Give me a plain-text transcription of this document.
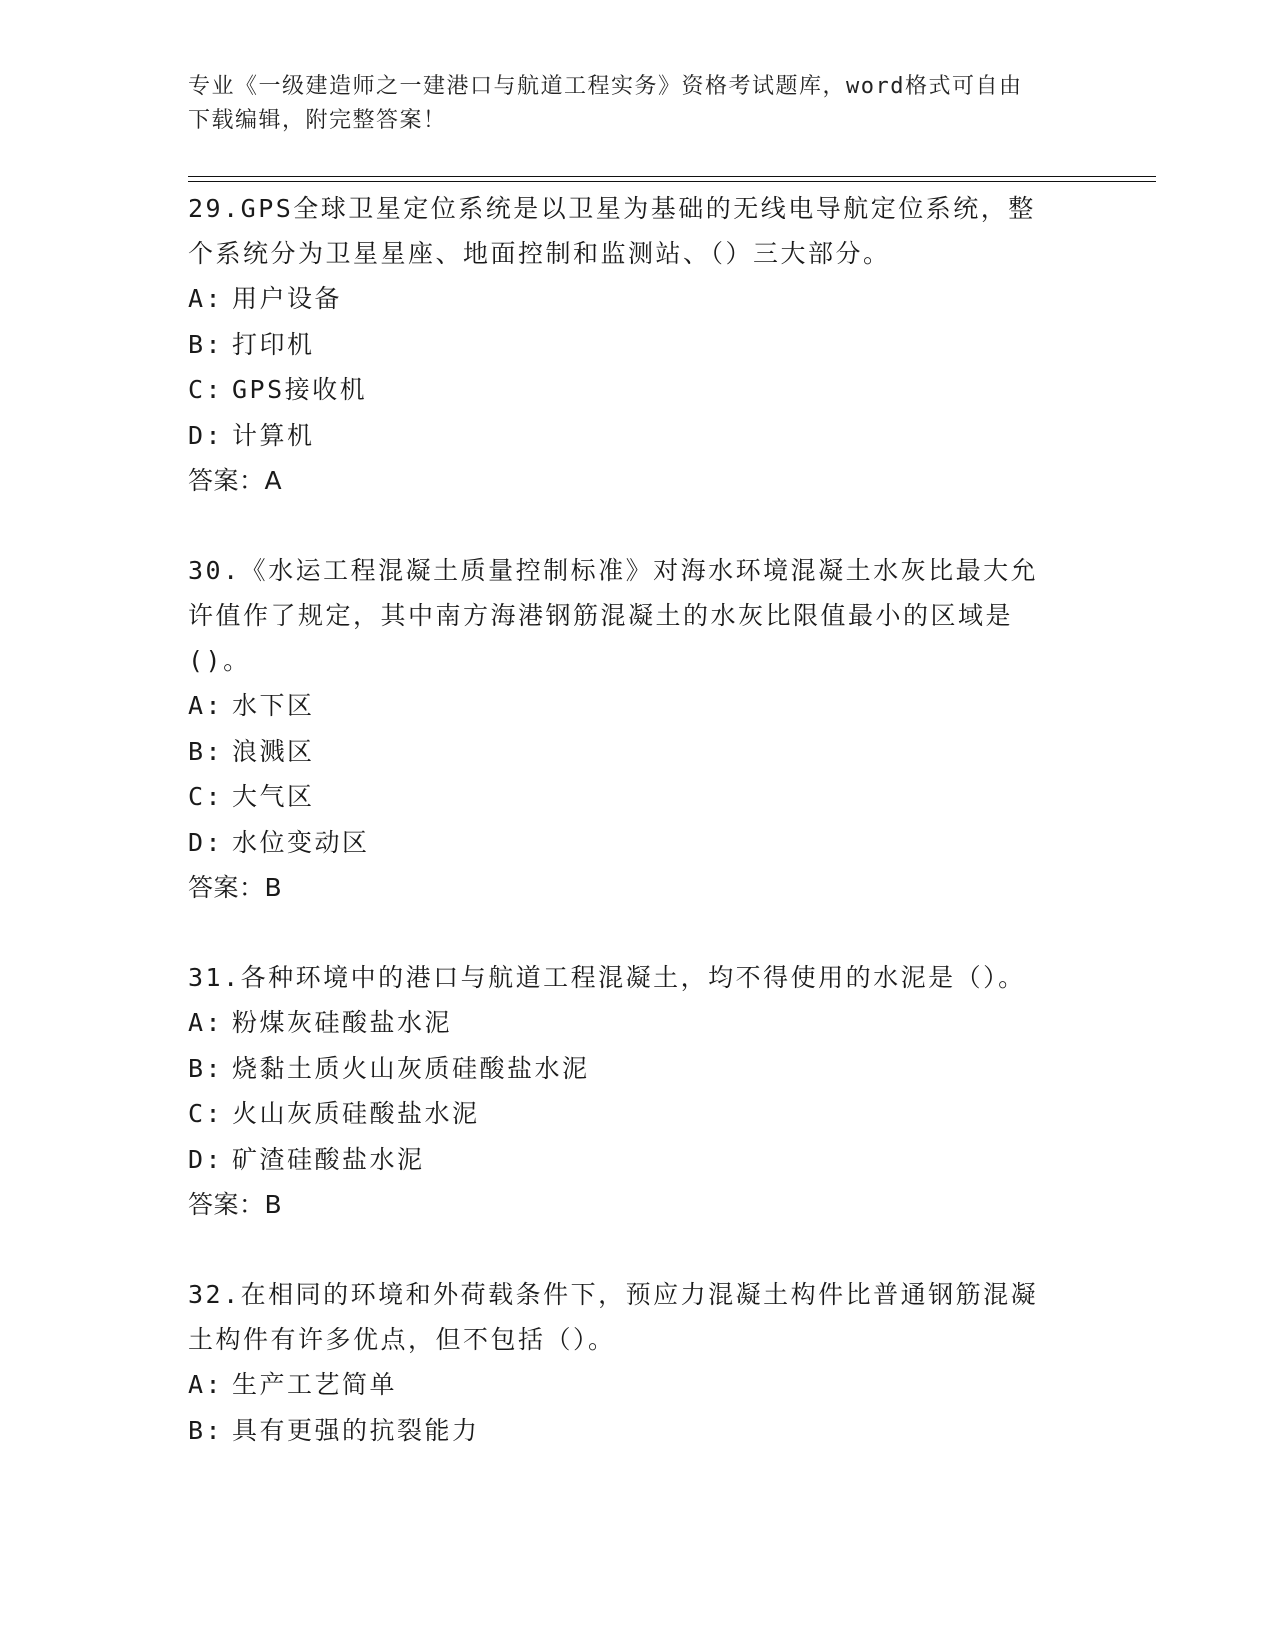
专业《一级建造师之一建港口与航道工程实务》资格考试题库，word格式可自由
下载编辑，附完整答案！

29.GPS全球卫星定位系统是以卫星为基础的无线电导航定位系统，整

个系统分为卫星星座、地面控制和监测站、（）三大部分。

A: 用户设备

B: 打印机

C: GPS接收机

D: 计算机

答案：A

30.《水运工程混凝土质量控制标准》对海水环境混凝土水灰比最大允

许值作了规定，其中南方海港钢筋混凝土的水灰比限值最小的区域是

()。

A: 水下区

B: 浪溅区

C: 大气区

D: 水位变动区

答案：B

31.各种环境中的港口与航道工程混凝土，均不得使用的水泥是（）。

A: 粉煤灰硅酸盐水泥

B: 烧黏土质火山灰质硅酸盐水泥

C: 火山灰质硅酸盐水泥

D: 矿渣硅酸盐水泥

答案：B

32.在相同的环境和外荷载条件下，预应力混凝土构件比普通钢筋混凝

土构件有许多优点，但不包括（）。

A: 生产工艺简单

B: 具有更强的抗裂能力
